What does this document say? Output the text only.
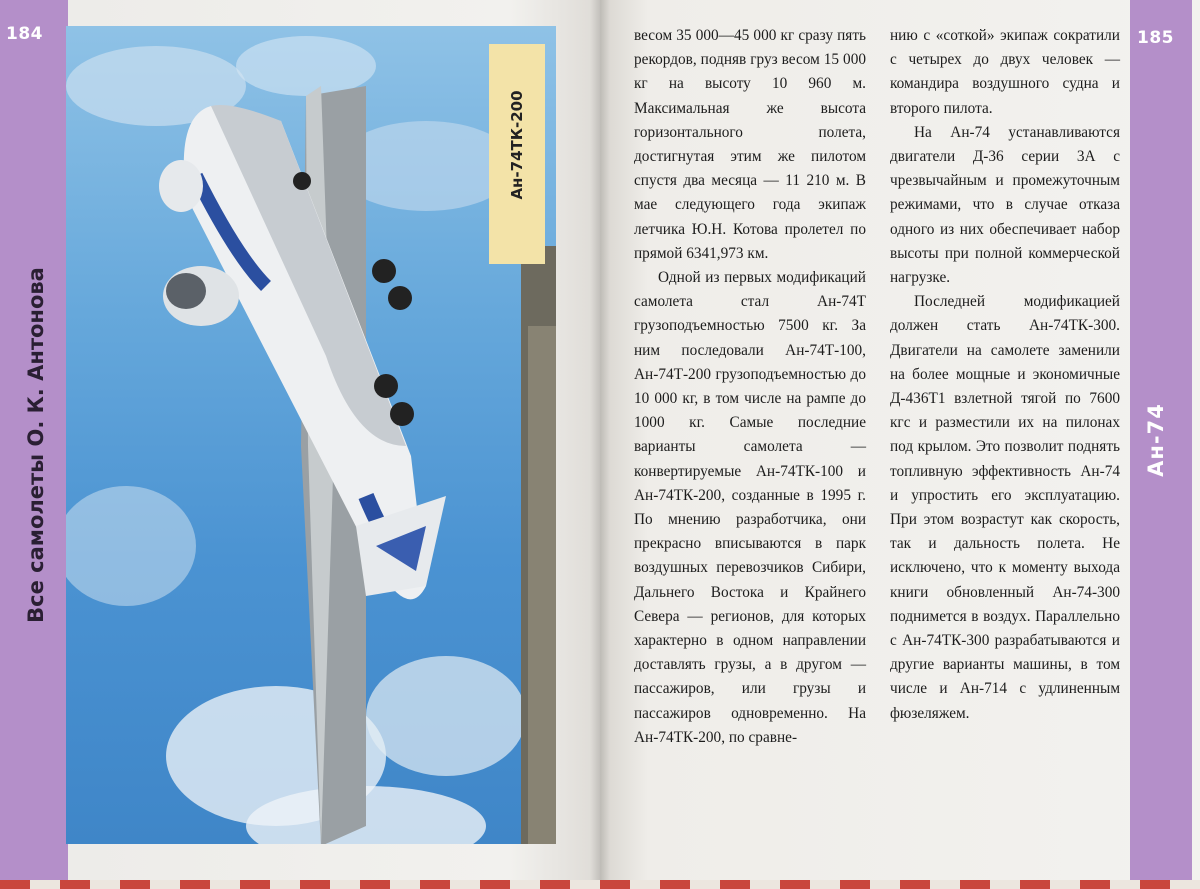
184	185
Все самолеты О. К. Антонова	Ан-74
Ан-74ТК-200

весом 35 000—45 000 кг сразу пять рекордов, подняв груз весом 15 000 кг на высоту 10 960 м. Максимальная же высота горизонтального полета, достигнутая этим же пилотом спустя два месяца — 11 210 м. В мае следующего года экипаж летчика Ю.Н. Котова пролетел по прямой 6341,973 км.

Одной из первых модификаций самолета стал Ан-74Т грузоподъемностью 7500 кг. За ним последовали Ан-74Т-100, Ан-74Т-200 грузоподъемностью до 10 000 кг, в том числе на рампе до 1000 кг. Самые последние варианты самолета — конвертируемые Ан-74ТК-100 и Ан-74ТК-200, созданные в 1995 г. По мнению разработчика, они прекрасно вписываются в парк воздушных перевозчиков Сибири, Дальнего Востока и Крайнего Севера — регионов, для которых характерно в одном направлении доставлять грузы, а в другом — пассажиров, или грузы и пассажиров одновременно. На Ан-74ТК-200, по сравне-

нию с «соткой» экипаж сократили с четырех до двух человек — командира воздушного судна и второго пилота.

На Ан-74 устанавливаются двигатели Д-36 серии 3А с чрезвычайным и промежуточным режимами, что в случае отказа одного из них обеспечивает набор высоты при полной коммерческой нагрузке.

Последней модификацией должен стать Ан-74ТК-300. Двигатели на самолете заменили на более мощные и экономичные Д-436Т1 взлетной тягой по 7600 кгс и разместили их на пилонах под крылом. Это позволит поднять топливную эффективность Ан-74 и упростить его эксплуатацию. При этом возрастут как скорость, так и дальность полета. Не исключено, что к моменту выхода книги обновленный Ан-74-300 поднимется в воздух. Параллельно с Ан-74ТК-300 разрабатываются и другие варианты машины, в том числе и Ан-714 с удлиненным фюзеляжем.
